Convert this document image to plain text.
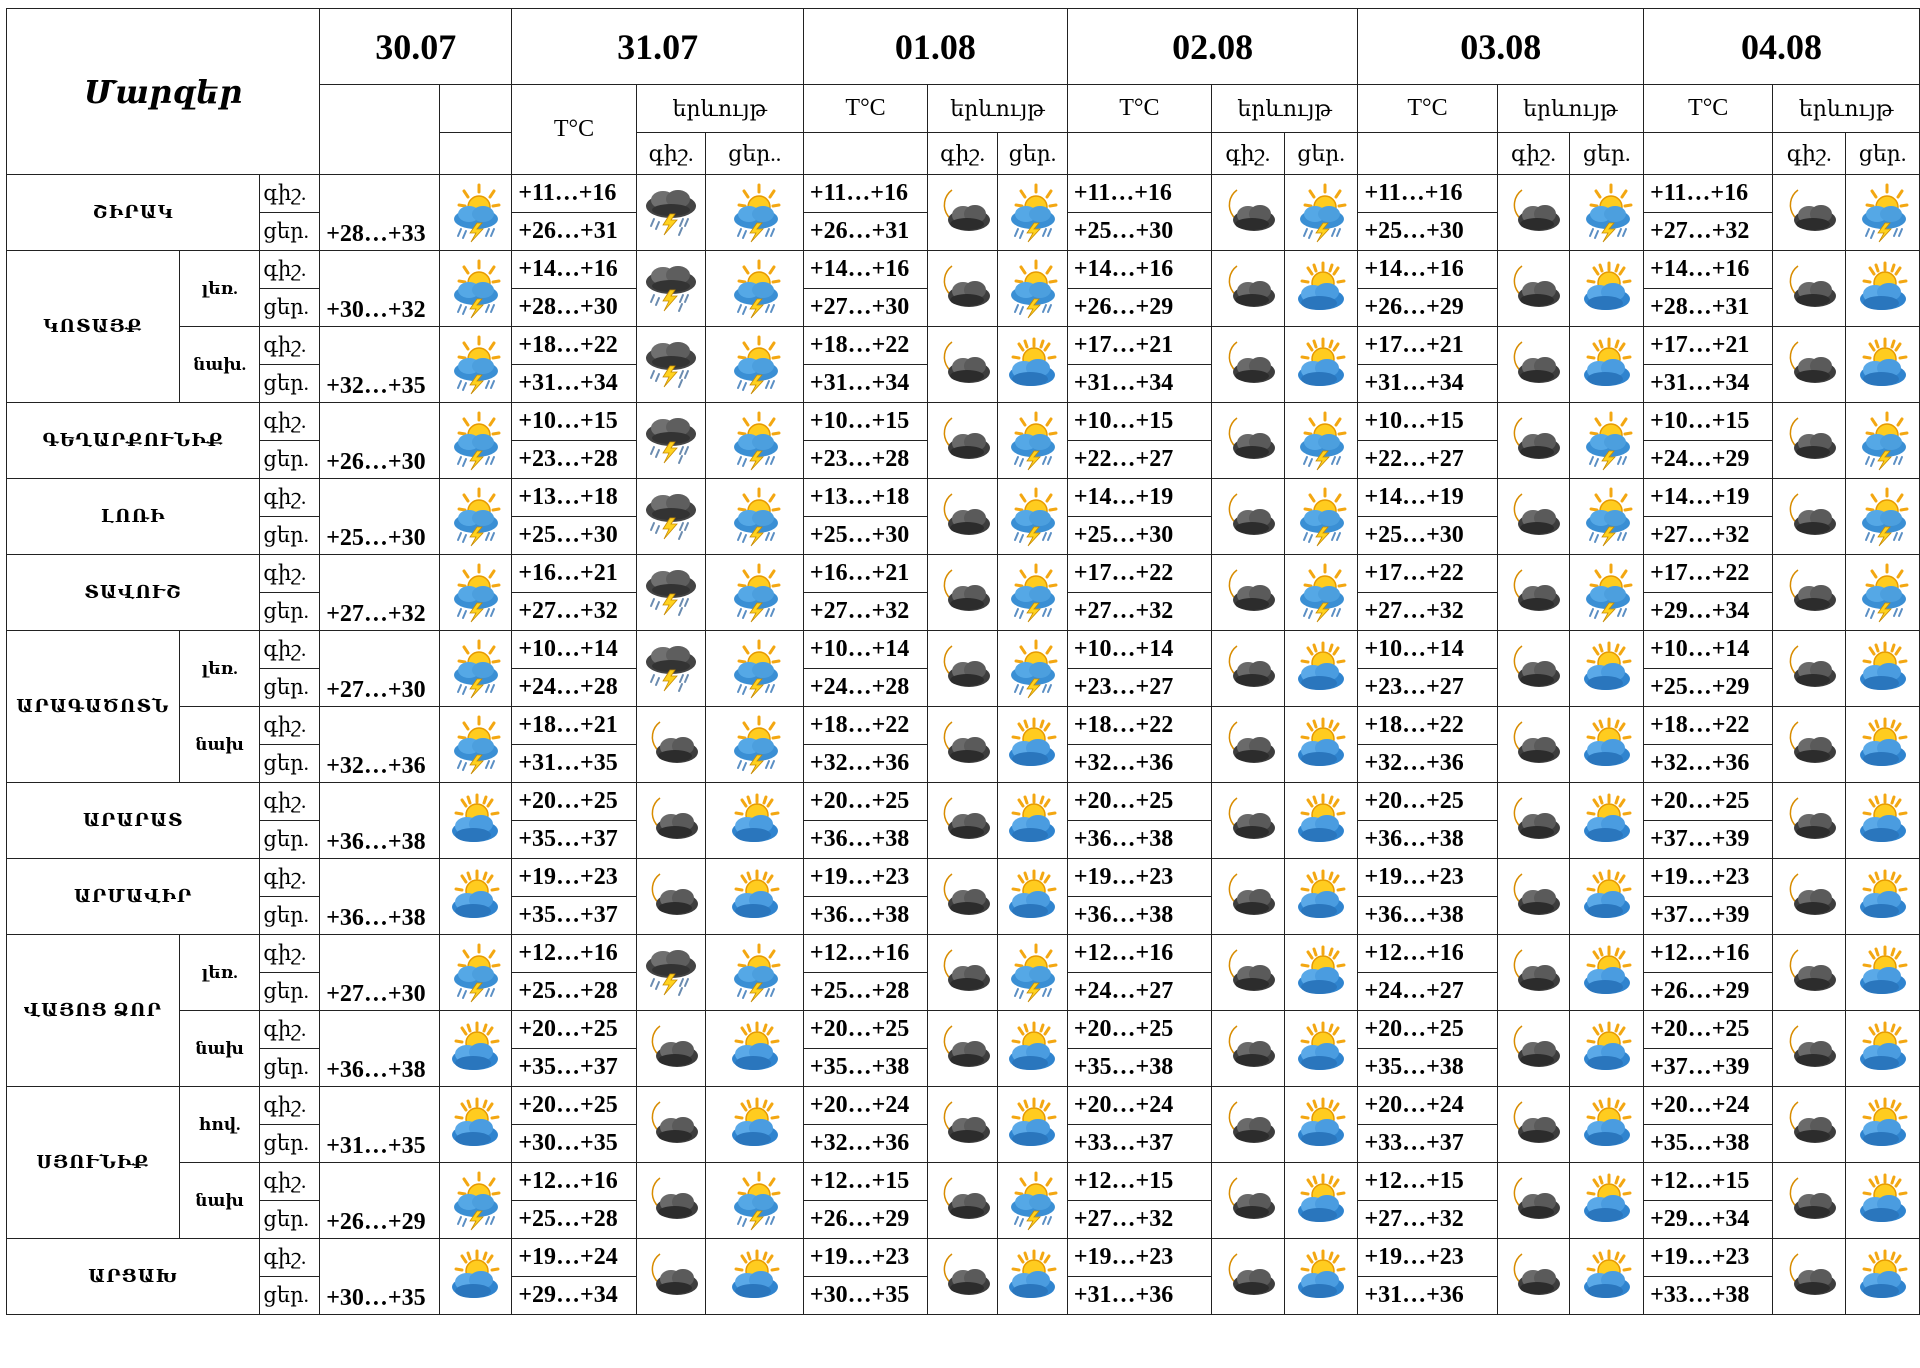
Մարզեր			30.07		31.07			01.08			02.08			03.08			04.08		
					T°C	երևույթ		T°C	երևույթ		T°C	երևույթ		T°C	երևույթ		T°C	երևույթ	
						գիշ.	ցեր..		գիշ.	ցեր.		գիշ.	ցեր.		գիշ.	ցեր.		գիշ.	ցեր.
ՇԻՐԱԿ		գիշ.	+28…+33		+11…+16			+11…+16			+11…+16			+11…+16			+11…+16		
		ցեր.			+26…+31			+26…+31			+25…+30			+25…+30			+27…+32		
ԿՈՏԱՅՔ	լեռ.	գիշ.	+30…+32		+14…+16			+14…+16			+14…+16			+14…+16			+14…+16		
		ցեր.			+28…+30			+27…+30			+26…+29			+26…+29			+28…+31		
	նախ.	գիշ.	+32…+35		+18…+22			+18…+22			+17…+21			+17…+21			+17…+21		
		ցեր.			+31…+34			+31…+34			+31…+34			+31…+34			+31…+34		
ԳԵՂԱՐՔՈՒՆԻՔ		գիշ.	+26…+30		+10…+15			+10…+15			+10…+15			+10…+15			+10…+15		
		ցեր.			+23…+28			+23…+28			+22…+27			+22…+27			+24…+29		
ԼՈՌԻ		գիշ.	+25…+30		+13…+18			+13…+18			+14…+19			+14…+19			+14…+19		
		ցեր.			+25…+30			+25…+30			+25…+30			+25…+30			+27…+32		
ՏԱՎՈՒՇ		գիշ.	+27…+32		+16…+21			+16…+21			+17…+22			+17…+22			+17…+22		
		ցեր.			+27…+32			+27…+32			+27…+32			+27…+32			+29…+34		
ԱՐԱԳԱԾՈՏՆ	լեռ.	գիշ.	+27…+30		+10…+14			+10…+14			+10…+14			+10…+14			+10…+14		
		ցեր.			+24…+28			+24…+28			+23…+27			+23…+27			+25…+29		
	նախ	գիշ.	+32…+36		+18…+21			+18…+22			+18…+22			+18…+22			+18…+22		
		ցեր.			+31…+35			+32…+36			+32…+36			+32…+36			+32…+36		
ԱՐԱՐԱՏ		գիշ.	+36…+38		+20…+25			+20…+25			+20…+25			+20…+25			+20…+25		
		ցեր.			+35…+37			+36…+38			+36…+38			+36…+38			+37…+39		
ԱՐՄԱՎԻՐ		գիշ.	+36…+38		+19…+23			+19…+23			+19…+23			+19…+23			+19…+23		
		ցեր.			+35…+37			+36…+38			+36…+38			+36…+38			+37…+39		
ՎԱՅՈՑ ՁՈՐ	լեռ.	գիշ.	+27…+30		+12…+16			+12…+16			+12…+16			+12…+16			+12…+16		
		ցեր.			+25…+28			+25…+28			+24…+27			+24…+27			+26…+29		
	նախ	գիշ.	+36…+38		+20…+25			+20…+25			+20…+25			+20…+25			+20…+25		
		ցեր.			+35…+37			+35…+38			+35…+38			+35…+38			+37…+39		
ՍՅՈՒՆԻՔ	հով.	գիշ.	+31…+35		+20…+25			+20…+24			+20…+24			+20…+24			+20…+24		
		ցեր.			+30…+35			+32…+36			+33…+37			+33…+37			+35…+38		
	նախ	գիշ.	+26…+29		+12…+16			+12…+15			+12…+15			+12…+15			+12…+15		
		ցեր.			+25…+28			+26…+29			+27…+32			+27…+32			+29…+34		
ԱՐՑԱԽ		գիշ.	+30…+35		+19…+24			+19…+23			+19…+23			+19…+23			+19…+23		
		ցեր.			+29…+34			+30…+35			+31…+36			+31…+36			+33…+38		
